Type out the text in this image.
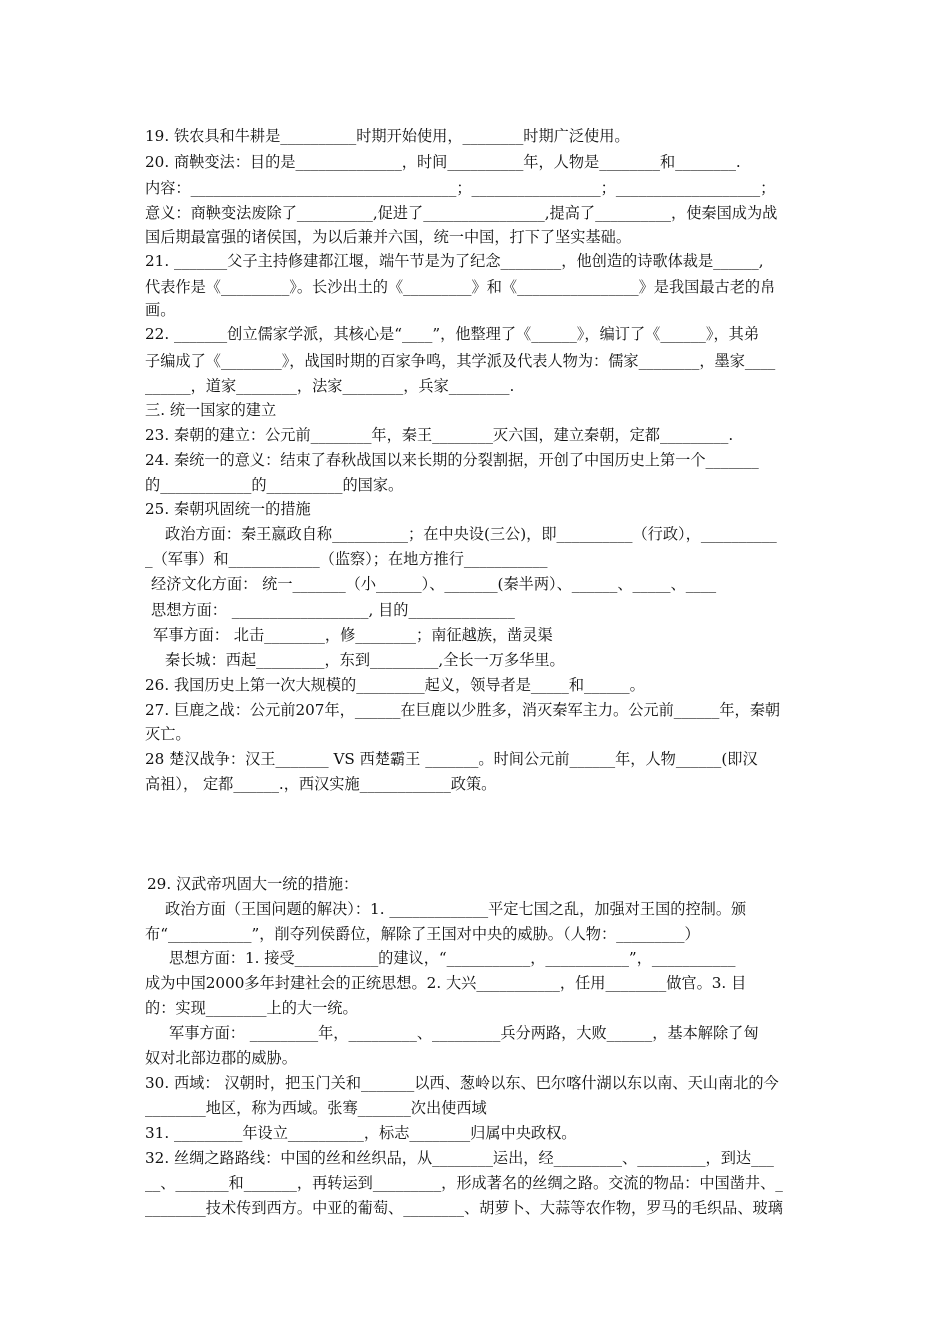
19. 铁农具和牛耕是__________时期开始使用，________时期广泛使用。
20. 商鞅变法：目的是______________，时间__________年，人物是________和________.
内容：___________________________________；_________________；___________________；
意义：商鞅变法废除了__________,促进了________________,提高了__________，使秦国成为战
国后期最富强的诸侯国，为以后兼并六国，统一中国，打下了坚实基础。
21. _______父子主持修建都江堰，端午节是为了纪念________，他创造的诗歌体裁是______,
代表作是《_________》。长沙出土的《_________》和《________________》是我国最古老的帛
画。
22. _______创立儒家学派，其核心是“____”，他整理了《______》，编订了《______》，其弟
子编成了《________》，战国时期的百家争鸣，其学派及代表人物为：儒家________，墨家____
______，道家________，法家________，兵家________.
三. 统一国家的建立
23. 秦朝的建立：公元前________年，秦王________灭六国，建立秦朝，定都_________.
24. 秦统一的意义：结束了春秋战国以来长期的分裂割据，开创了中国历史上第一个_______
的____________的__________的国家。
25. 秦朝巩固统一的措施
政治方面：秦王嬴政自称__________；在中央设(三公)，即__________（行政），__________
_（军事）和____________（监察）；在地方推行___________
经济文化方面： 统一_______（小______）、_______(秦半两）、______、_____、____
思想方面： __________________, 目的______________
军事方面： 北击________，修________；南征越族，凿灵渠
秦长城：西起_________，东到_________,全长一万多华里。
26. 我国历史上第一次大规模的_________起义，领导者是_____和______。
27. 巨鹿之战：公元前207年，______在巨鹿以少胜多，消灭秦军主力。公元前______年，秦朝
灭亡。
28 楚汉战争：汉王_______ VS 西楚霸王 _______。时间公元前______年，人物______(即汉
高祖）， 定都______.，西汉实施____________政策。
29. 汉武帝巩固大一统的措施：
政治方面（王国问题的解决）：1. _____________平定七国之乱，加强对王国的控制。颁
布“___________”，削夺列侯爵位，解除了王国对中央的威胁。（人物：_________）
思想方面：1. 接受___________的建议，“___________，___________”，___________
成为中国2000多年封建社会的正统思想。2. 大兴___________，任用________做官。3. 目
的：实现________上的大一统。
军事方面： _________年，_________、_________兵分两路，大败______，基本解除了匈
奴对北部边郡的威胁。
30. 西域： 汉朝时，把玉门关和_______以西、葱岭以东、巴尔喀什湖以东以南、天山南北的今
________地区，称为西域。张骞_______次出使西域
31. _________年设立__________，标志________归属中央政权。
32. 丝绸之路路线：中国的丝和丝织品，从________运出，经_________、_________，到达___
__、_______和_______，再转运到_________，形成著名的丝绸之路。交流的物品：中国凿井、_
________技术传到西方。中亚的葡萄、________、胡萝卜、大蒜等农作物，罗马的毛织品、玻璃
